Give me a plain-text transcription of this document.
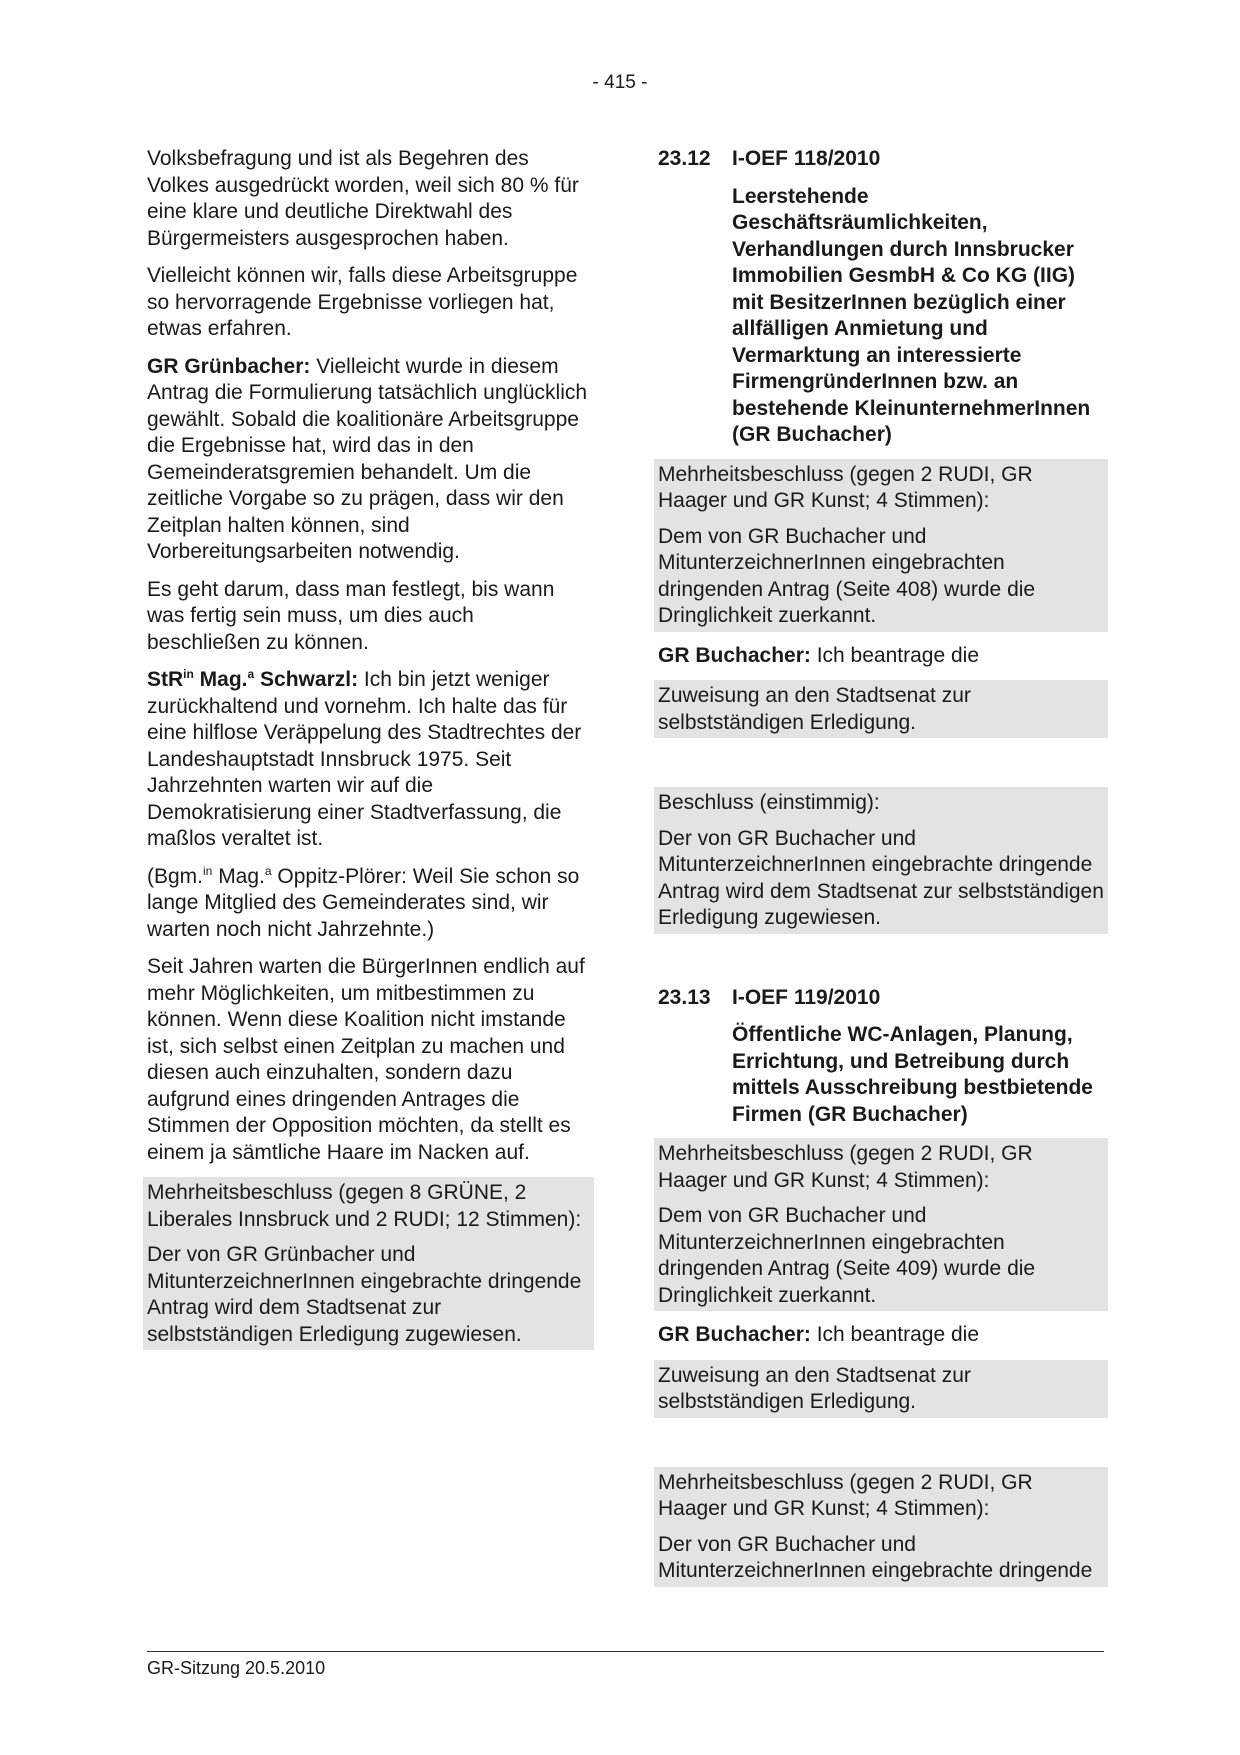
- 415 -

Volksbefragung und ist als Begehren des Volkes ausgedrückt worden, weil sich 80 % für eine klare und deutliche Direktwahl des Bürgermeisters ausgesprochen haben.

Vielleicht können wir, falls diese Arbeitsgruppe so hervorragende Ergebnisse vorliegen hat, etwas erfahren.

GR Grünbacher: Vielleicht wurde in diesem Antrag die Formulierung tatsächlich unglücklich gewählt. Sobald die koalitionäre Arbeitsgruppe die Ergebnisse hat, wird das in den Gemeinderatsgremien behandelt. Um die zeitliche Vorgabe so zu prägen, dass wir den Zeitplan halten können, sind Vorbereitungsarbeiten notwendig.

Es geht darum, dass man festlegt, bis wann was fertig sein muss, um dies auch beschließen zu können.

StR$^{in}$ Mag.$^a$ Schwarzl: Ich bin jetzt weniger zurückhaltend und vornehm. Ich halte das für eine hilflose Veräppelung des Stadtrechtes der Landeshauptstadt Innsbruck 1975. Seit Jahrzehnten warten wir auf die Demokratisierung einer Stadtverfassung, die maßlos veraltet ist.

(Bgm.$^{in}$ Mag.$^a$ Oppitz-Plörer: Weil Sie schon so lange Mitglied des Gemeinderates sind, wir warten noch nicht Jahrzehnte.)

Seit Jahren warten die BürgerInnen endlich auf mehr Möglichkeiten, um mitbestimmen zu können. Wenn diese Koalition nicht imstande ist, sich selbst einen Zeitplan zu machen und diesen auch einzuhalten, sondern dazu aufgrund eines dringenden Antrages die Stimmen der Opposition möchten, da stellt es einem ja sämtliche Haare im Nacken auf.

Mehrheitsbeschluss (gegen 8 GRÜNE, 2 Liberales Innsbruck und 2 RUDI; 12 Stimmen):

Der von GR Grünbacher und MitunterzeichnerInnen eingebrachte dringende Antrag wird dem Stadtsenat zur selbstständigen Erledigung zugewiesen.

23.12	I-OEF 118/2010
Leerstehende Geschäftsräumlichkeiten, Verhandlungen durch Innsbrucker Immobilien GesmbH & Co KG (IIG) mit BesitzerInnen bezüglich einer allfälligen Anmietung und Vermarktung an interessierte FirmengründerInnen bzw. an bestehende KleinunternehmerInnen (GR Buchacher)

Mehrheitsbeschluss (gegen 2 RUDI, GR Haager und GR Kunst; 4 Stimmen):

Dem von GR Buchacher und MitunterzeichnerInnen eingebrachten dringenden Antrag (Seite 408) wurde die Dringlichkeit zuerkannt.

GR Buchacher: Ich beantrage die

Zuweisung an den Stadtsenat zur selbstständigen Erledigung.

Beschluss (einstimmig):

Der von GR Buchacher und MitunterzeichnerInnen eingebrachte dringende Antrag wird dem Stadtsenat zur selbstständigen Erledigung zugewiesen.

23.13	I-OEF 119/2010
Öffentliche WC-Anlagen, Planung, Errichtung, und Betreibung durch mittels Ausschreibung bestbietende Firmen (GR Buchacher)

Mehrheitsbeschluss (gegen 2 RUDI, GR Haager und GR Kunst; 4 Stimmen):

Dem von GR Buchacher und MitunterzeichnerInnen eingebrachten dringenden Antrag (Seite 409) wurde die Dringlichkeit zuerkannt.

GR Buchacher: Ich beantrage die

Zuweisung an den Stadtsenat zur selbstständigen Erledigung.

Mehrheitsbeschluss (gegen 2 RUDI, GR Haager und GR Kunst; 4 Stimmen):

Der von GR Buchacher und MitunterzeichnerInnen eingebrachte dringende

GR-Sitzung 20.5.2010
